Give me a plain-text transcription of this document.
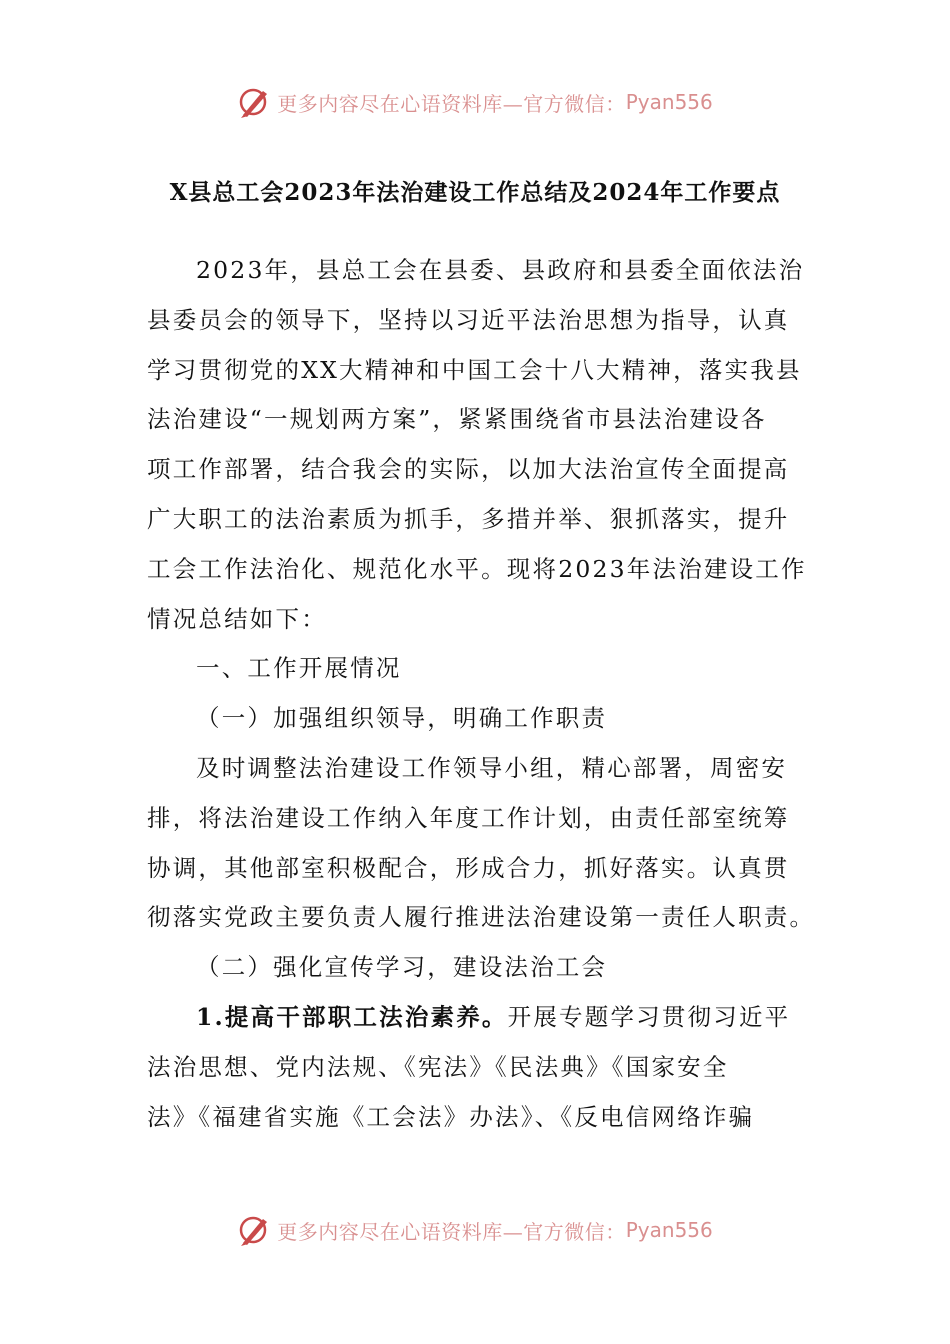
更多内容尽在心语资料库—官方微信： Pyan556
X县总工会2023年法治建设工作总结及2024年工作要点
2023年，县总工会在县委、县政府和县委全面依法治
县委员会的领导下，坚持以习近平法治思想为指导，认真
学习贯彻党的XX大精神和中国工会十八大精神，落实我县
法治建设“一规划两方案”，紧紧围绕省市县法治建设各
项工作部署，结合我会的实际，以加大法治宣传全面提高
广大职工的法治素质为抓手，多措并举、狠抓落实，提升
工会工作法治化、规范化水平。现将2023年法治建设工作
情况总结如下：
一、工作开展情况
（一）加强组织领导，明确工作职责
及时调整法治建设工作领导小组，精心部署，周密安
排，将法治建设工作纳入年度工作计划，由责任部室统筹
协调，其他部室积极配合，形成合力，抓好落实。认真贯
彻落实党政主要负责人履行推进法治建设第一责任人职责。
（二）强化宣传学习，建设法治工会
1.提高干部职工法治素养。开展专题学习贯彻习近平
法治思想、党内法规、《宪法》《民法典》《国家安全
法》《福建省实施《工会法》办法》、《反电信网络诈骗
更多内容尽在心语资料库—官方微信： Pyan556
